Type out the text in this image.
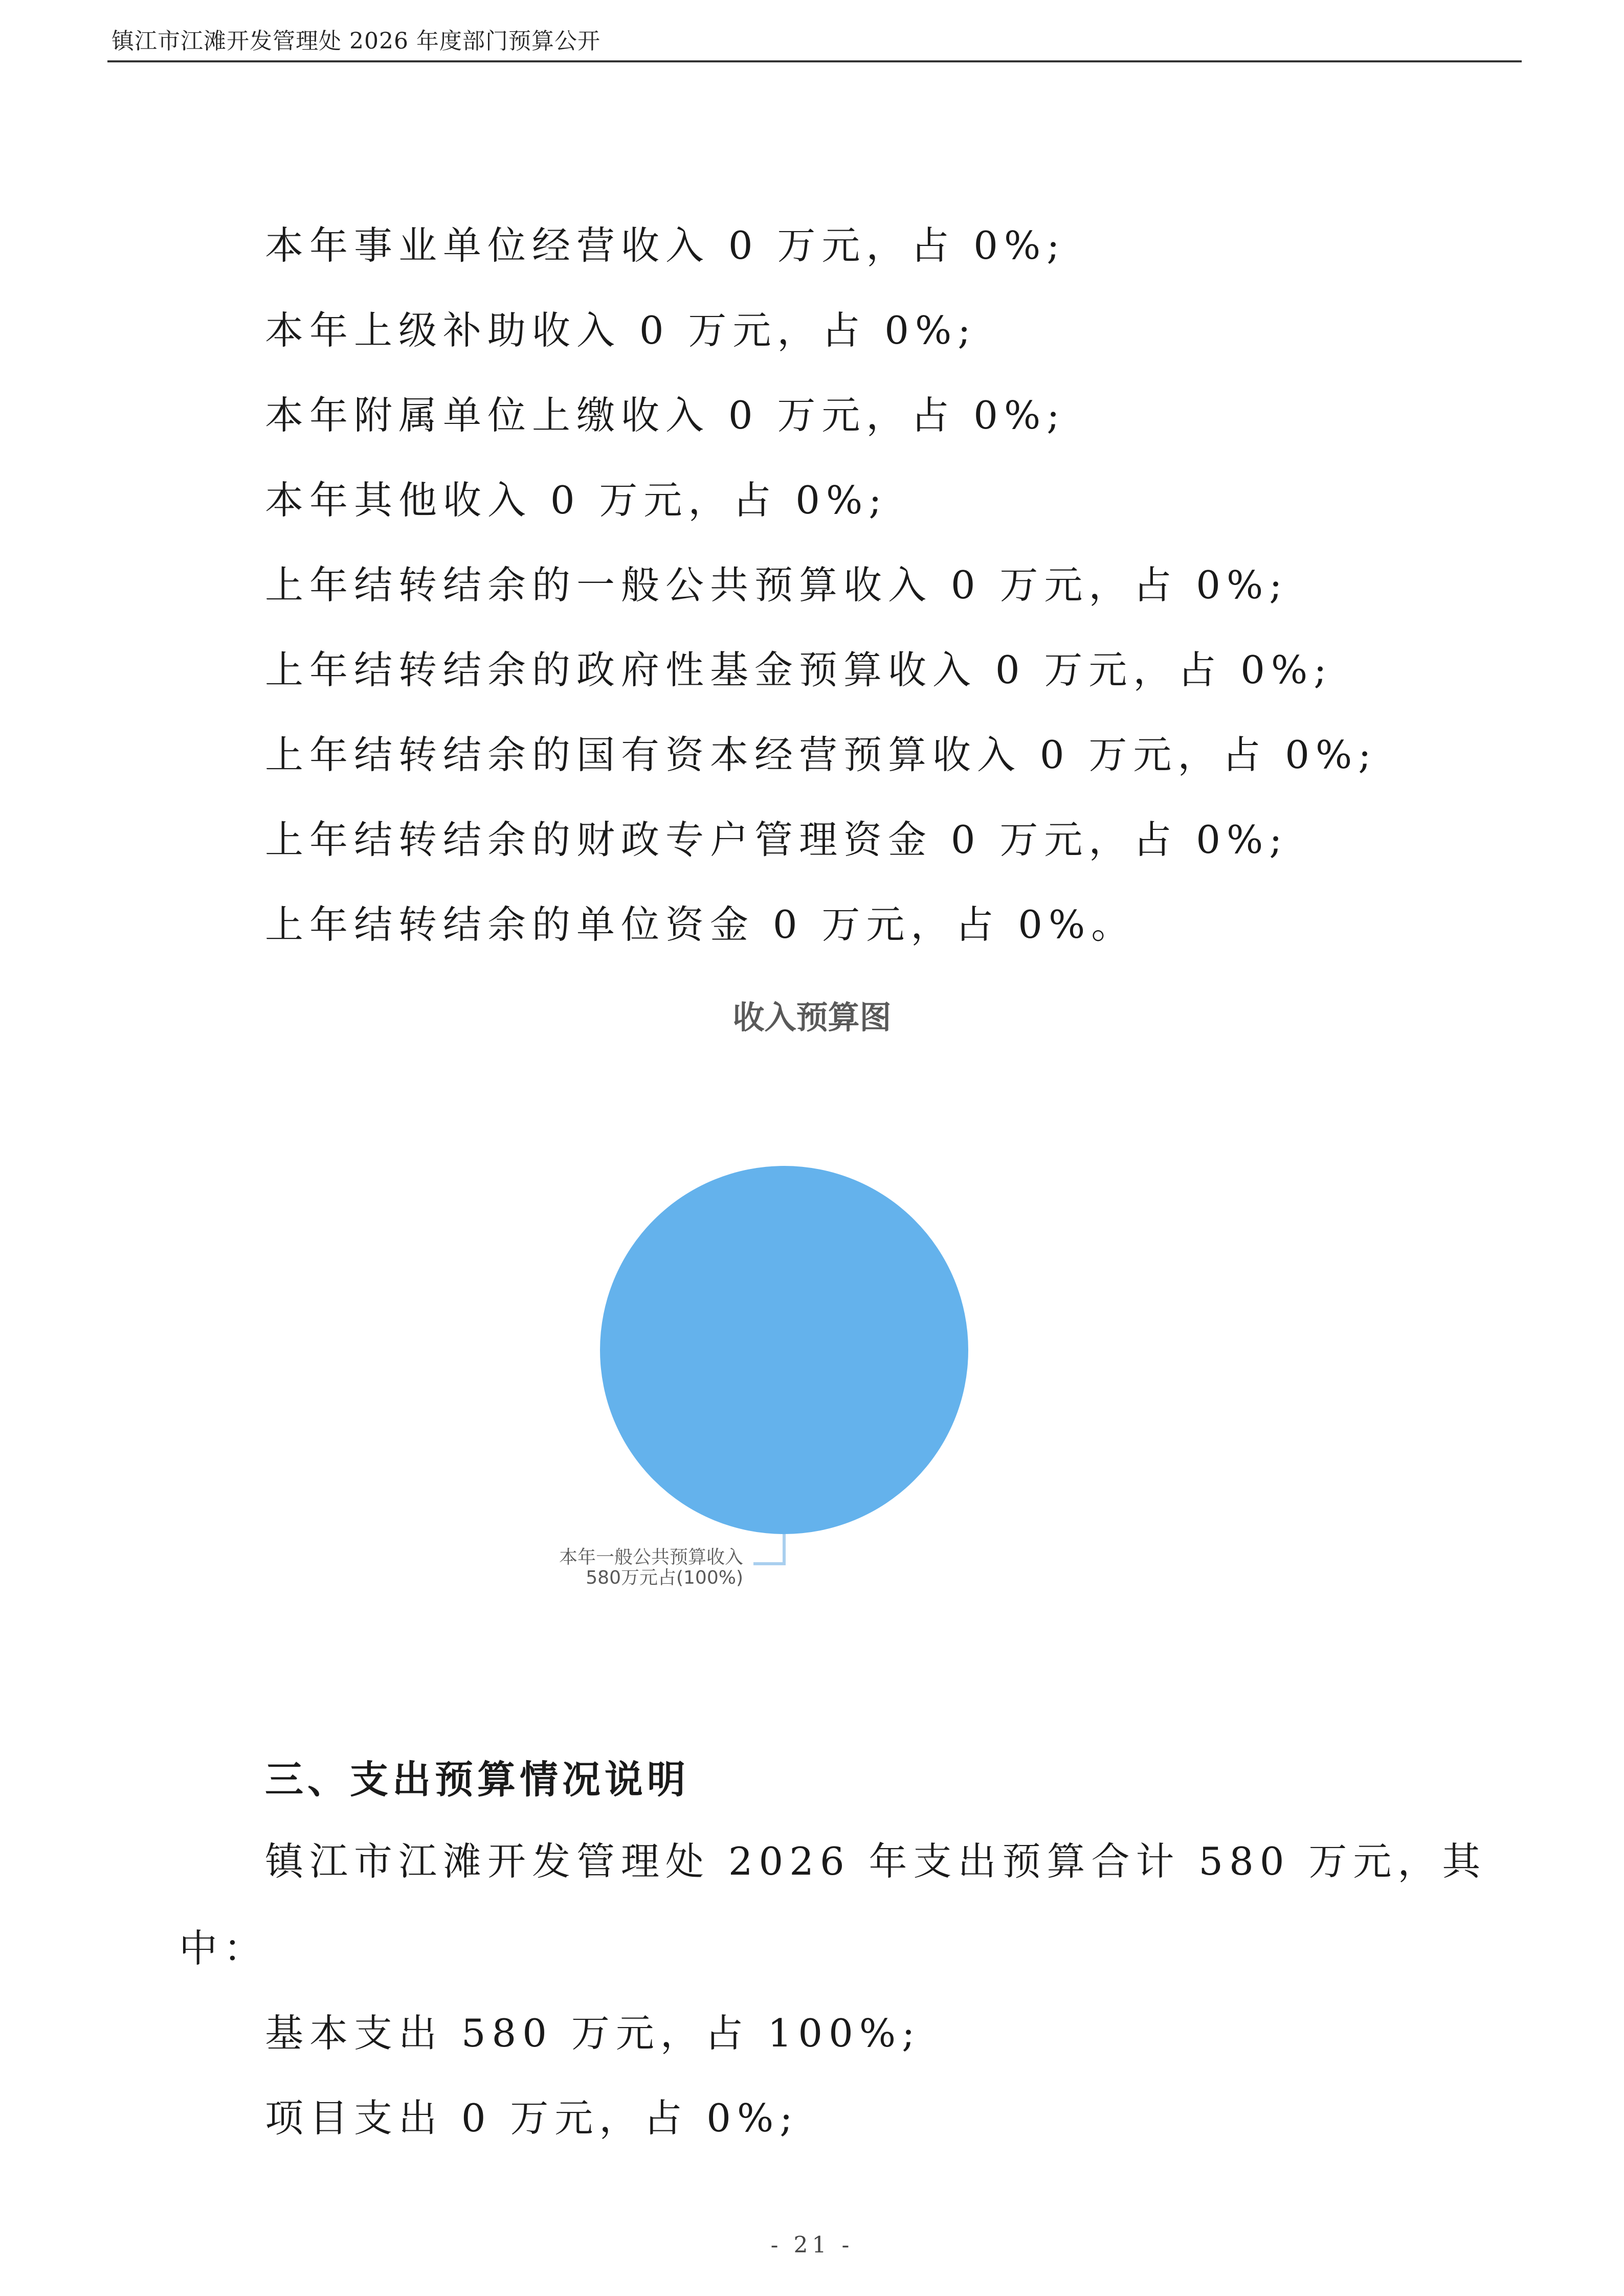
镇江市江滩开发管理处 2026 年度部门预算公开
本年事业单位经营收入 0 万元，占 0%;
本年上级补助收入 0 万元，占 0%;
本年附属单位上缴收入 0 万元，占 0%;
本年其他收入 0 万元，占 0%;
上年结转结余的一般公共预算收入 0 万元，占 0%;
上年结转结余的政府性基金预算收入 0 万元，占 0%;
上年结转结余的国有资本经营预算收入 0 万元，占 0%;
上年结转结余的财政专户管理资金 0 万元，占 0%;
上年结转结余的单位资金 0 万元，占 0%。
收入预算图
本年一般公共预算收入
580万元占(100%)
三、支出预算情况说明
镇江市江滩开发管理处 2026 年支出预算合计 580 万元，其
中：
基本支出 580 万元，占 100%;
项目支出 0 万元，占 0%;
- 21 -
